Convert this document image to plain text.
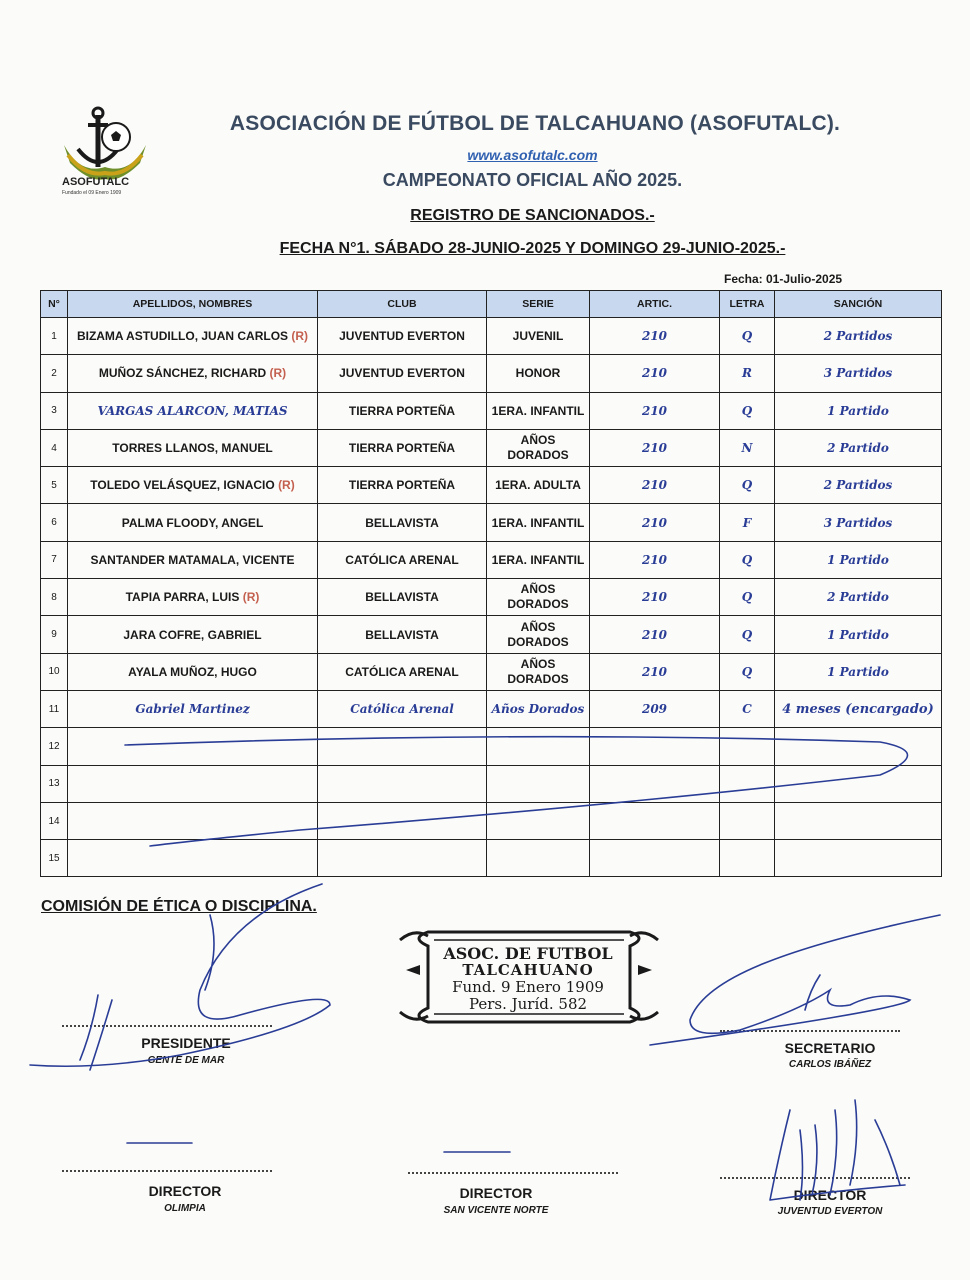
ASOFUTALC
Fundado el 09 Enero 1909
ASOCIACIÓN DE FÚTBOL DE TALCAHUANO (ASOFUTALC).
www.asofutalc.com
CAMPEONATO OFICIAL AÑO 2025.
REGISTRO DE SANCIONADOS.-
FECHA N°1. SÁBADO 28-JUNIO-2025 Y DOMINGO 29-JUNIO-2025.-
Fecha: 01-Julio-2025
N°	APELLIDOS, NOMBRES	CLUB	SERIE	ARTIC.	LETRA	SANCIÓN
1	BIZAMA ASTUDILLO, JUAN CARLOS (R)	JUVENTUD EVERTON	JUVENIL	210	Q	2 Partidos
2	MUÑOZ SÁNCHEZ, RICHARD (R)	JUVENTUD EVERTON	HONOR	210	R	3 Partidos
3	VARGAS ALARCON, MATIAS	TIERRA PORTEÑA	1ERA. INFANTIL	210	Q	1 Partido
4	TORRES LLANOS, MANUEL	TIERRA PORTEÑA	AÑOS DORADOS	210	N	2 Partido
5	TOLEDO VELÁSQUEZ, IGNACIO (R)	TIERRA PORTEÑA	1ERA. ADULTA	210	Q	2 Partidos
6	PALMA FLOODY, ANGEL	BELLAVISTA	1ERA. INFANTIL	210	F	3 Partidos
7	SANTANDER MATAMALA, VICENTE	CATÓLICA ARENAL	1ERA. INFANTIL	210	Q	1 Partido
8	TAPIA PARRA, LUIS (R)	BELLAVISTA	AÑOS DORADOS	210	Q	2 Partido
9	JARA COFRE, GABRIEL	BELLAVISTA	AÑOS DORADOS	210	Q	1 Partido
10	AYALA MUÑOZ, HUGO	CATÓLICA ARENAL	AÑOS DORADOS	210	Q	1 Partido
11	Gabriel Martinez	Católica Arenal	Años Dorados	209	C	4 meses (encargado)
12						
13						
14						
15						
COMISIÓN DE ÉTICA O DISCIPLINA.
ASOC. DE FUTBOL
TALCAHUANO
Fund. 9 Enero 1909
Pers. Juríd. 582
PRESIDENTE
GENTE DE MAR
SECRETARIO
CARLOS IBÁÑEZ
DIRECTOR
OLIMPIA
DIRECTOR
SAN VICENTE NORTE
DIRECTOR
JUVENTUD EVERTON
